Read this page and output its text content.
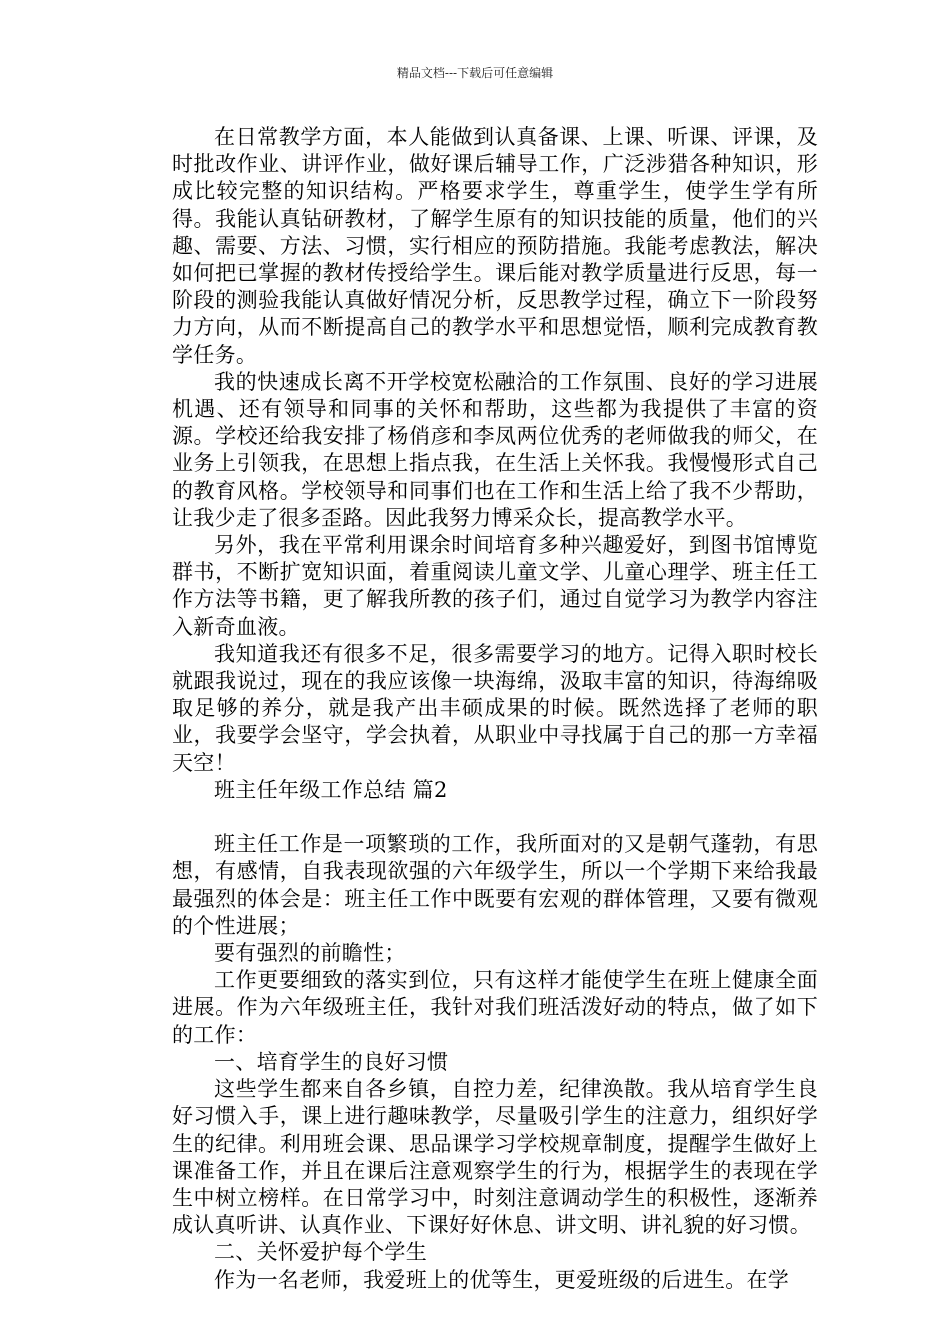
精品文档---下载后可任意编辑

在日常教学方面，本人能做到认真备课、上课、听课、评课，及时批改作业、讲评作业，做好课后辅导工作，广泛涉猎各种知识，形成比较完整的知识结构。严格要求学生，尊重学生，使学生学有所得。我能认真钻研教材，了解学生原有的知识技能的质量，他们的兴趣、需要、方法、习惯，实行相应的预防措施。我能考虑教法，解决如何把已掌握的教材传授给学生。课后能对教学质量进行反思，每一阶段的测验我能认真做好情况分析，反思教学过程，确立下一阶段努力方向，从而不断提高自己的教学水平和思想觉悟，顺利完成教育教学任务。

我的快速成长离不开学校宽松融洽的工作氛围、良好的学习进展机遇、还有领导和同事的关怀和帮助，这些都为我提供了丰富的资源。学校还给我安排了杨俏彦和李凤两位优秀的老师做我的师父，在业务上引领我，在思想上指点我，在生活上关怀我。我慢慢形式自己的教育风格。学校领导和同事们也在工作和生活上给了我不少帮助，让我少走了很多歪路。因此我努力博采众长，提高教学水平。

另外，我在平常利用课余时间培育多种兴趣爱好，到图书馆博览群书，不断扩宽知识面，着重阅读儿童文学、儿童心理学、班主任工作方法等书籍，更了解我所教的孩子们，通过自觉学习为教学内容注入新奇血液。

我知道我还有很多不足，很多需要学习的地方。记得入职时校长就跟我说过，现在的我应该像一块海绵，汲取丰富的知识，待海绵吸取足够的养分，就是我产出丰硕成果的时候。既然选择了老师的职业，我要学会坚守，学会执着，从职业中寻找属于自己的那一方幸福天空！

班主任年级工作总结 篇2

班主任工作是一项繁琐的工作，我所面对的又是朝气蓬勃，有思想，有感情，自我表现欲强的六年级学生，所以一个学期下来给我最最强烈的体会是：班主任工作中既要有宏观的群体管理，又要有微观的个性进展；

要有强烈的前瞻性；

工作更要细致的落实到位，只有这样才能使学生在班上健康全面进展。作为六年级班主任，我针对我们班活泼好动的特点，做了如下的工作：

一、培育学生的良好习惯

这些学生都来自各乡镇，自控力差，纪律涣散。我从培育学生良好习惯入手，课上进行趣味教学，尽量吸引学生的注意力，组织好学生的纪律。利用班会课、思品课学习学校规章制度，提醒学生做好上课准备工作，并且在课后注意观察学生的行为，根据学生的表现在学生中树立榜样。在日常学习中，时刻注意调动学生的积极性，逐渐养成认真听讲、认真作业、下课好好休息、讲文明、讲礼貌的好习惯。

二、关怀爱护每个学生

作为一名老师，我爱班上的优等生，更爱班级的后进生。在学
